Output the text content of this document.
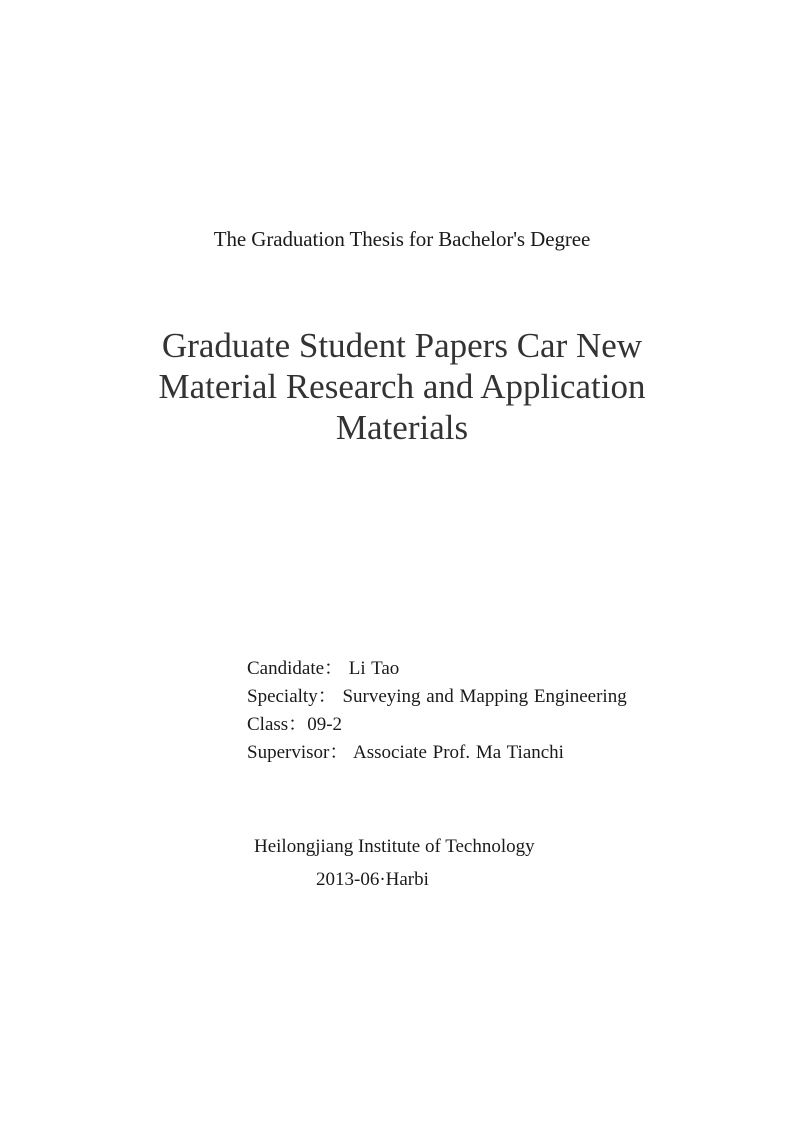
The Graduation Thesis for Bachelor's Degree
Graduate Student Papers Car New
Material Research and Application
Materials
Candidate： Li Tao
Specialty： Surveying and Mapping Engineering
Class：09-2
Supervisor： Associate Prof. Ma Tianchi
Heilongjiang Institute of Technology
2013-06·Harbi
